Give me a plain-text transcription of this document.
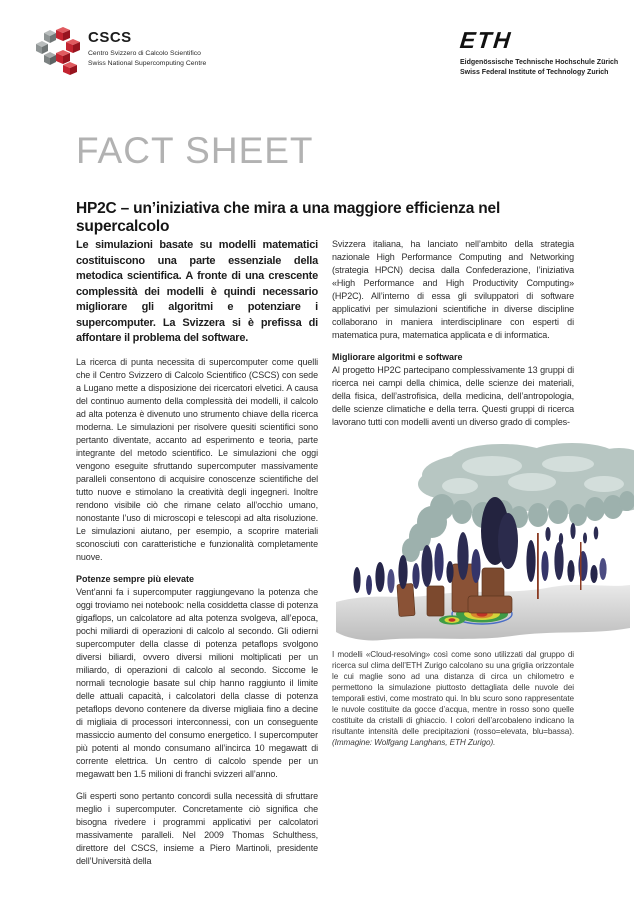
CSCS
Centro Svizzero di Calcolo Scientifico
Swiss National Supercomputing Centre
ETH
Eidgenössische Technische Hochschule Zürich
Swiss Federal Institute of Technology Zurich
FACT SHEET
HP2C – un’iniziativa che mira a una maggiore efficienza nel supercalcolo

Le simulazioni basate su modelli matematici costituiscono una parte essenziale della metodica scientifica. A fronte di una crescente complessità dei modelli è quindi necessario migliorare gli algoritmi e potenziare i supercomputer. La Svizzera si è prefissa di affontare il problema del software.

La ricerca di punta necessita di supercomputer come quelli che il Centro Svizzero di Calcolo Scientifico (CSCS) con sede a Lugano mette a disposizione dei ricercatori elvetici. A causa del continuo aumento della complessità dei modelli, il calcolo ad alta potenza è divenuto uno strumento chiave della ricerca moderna. Le simulazioni per risolvere quesiti scientifici sono pertanto diventate, accanto ad esperimento e teoria, parte integrante del metodo scientifico. Le simulazioni che oggi vengono eseguite sfruttando supercomputer massivamente paralleli consentono di acquisire conoscenze scientifiche del tutto nuove e stimolano la creatività degli ingegneri. Inoltre rendono visibile ciò che rimane celato all’occhio umano, nonostante l’uso di microscopi e telescopi ad alta risoluzione. Le simulazioni aiutano, per esempio, a scoprire materiali sconosciuti con caratteristiche e funzionalità completamente nuove.

Potenze sempre più elevate

Vent’anni fa i supercomputer raggiungevano la potenza che oggi troviamo nei notebook: nella cosiddetta classe di potenza gigaflops, un calcolatore ad alta potenza svolgeva, all’epoca, pochi miliardi di operazioni di calcolo al secondo. Gli odierni supercomputer della classe di potenza petaflops svolgono diversi biliardi, ovvero diversi milioni moltiplicati per un miliardo, di operazioni di calcolo al secondo. Siccome le normali tecnologie basate sul chip hanno raggiunto il limite delle attuali capacità, i calcolatori della classe di potenza petaflops devono contenere da diverse migliaia fino a decine di migliaia di processori interconnessi, con un conseguente massiccio aumento del consumo energetico. I supercomputer più potenti al mondo consumano all’incirca 10 megawatt di corrente elettrica. Un centro di calcolo spende per un megawatt ben 1.5 milioni di franchi svizzeri all’anno.

Gli esperti sono pertanto concordi sulla necessità di sfruttare meglio i supercomputer. Concretamente ciò significa che bisogna rivedere i programmi applicativi per calcolatori massivamente paralleli. Nel 2009 Thomas Schulthess, direttore del CSCS, insieme a Piero Martinoli, presidente dell’Università della

Svizzera italiana, ha lanciato nell’ambito della strategia nazionale High Performance Computing and Networking (strategia HPCN) decisa dalla Confederazione, l’iniziativa «High Performance and High Productivity Computing» (HP2C). All’interno di essa gli sviluppatori di software applicativi per simulazioni scientifiche in diverse discipline collaborano in maniera interdisciplinare con esperti di matematica pura, matematica applicata e di informatica.

Migliorare algoritmi e software

Al progetto HP2C partecipano complessivamente 13 gruppi di ricerca nei campi della chimica, delle scienze dei materiali, della fisica, dell’astrofisica, della medicina, dell’antropologia, delle scienze climatiche e della terra. Questi gruppi di ricerca lavorano tutti con modelli aventi un diverso grado di comples-

I modelli «Cloud-resolving» così come sono utilizzati dal gruppo di ricerca sul clima dell’ETH Zurigo calcolano su una griglia orizzontale le cui maglie sono ad una distanza di circa un chilometro e permettono la simulazione piuttosto dettagliata delle nuvole dei temporali estivi, come mostrato qui. In blu scuro sono rappresentate le nuvole costituite da gocce d’acqua, mentre in rosso sono quelle costituite da cristalli di ghiaccio. I colori dell’arcobaleno indicano la risultante intensità delle precipitazioni (rosso=elevata, blu=bassa). (Immagine: Wolfgang Langhans, ETH Zurigo).
